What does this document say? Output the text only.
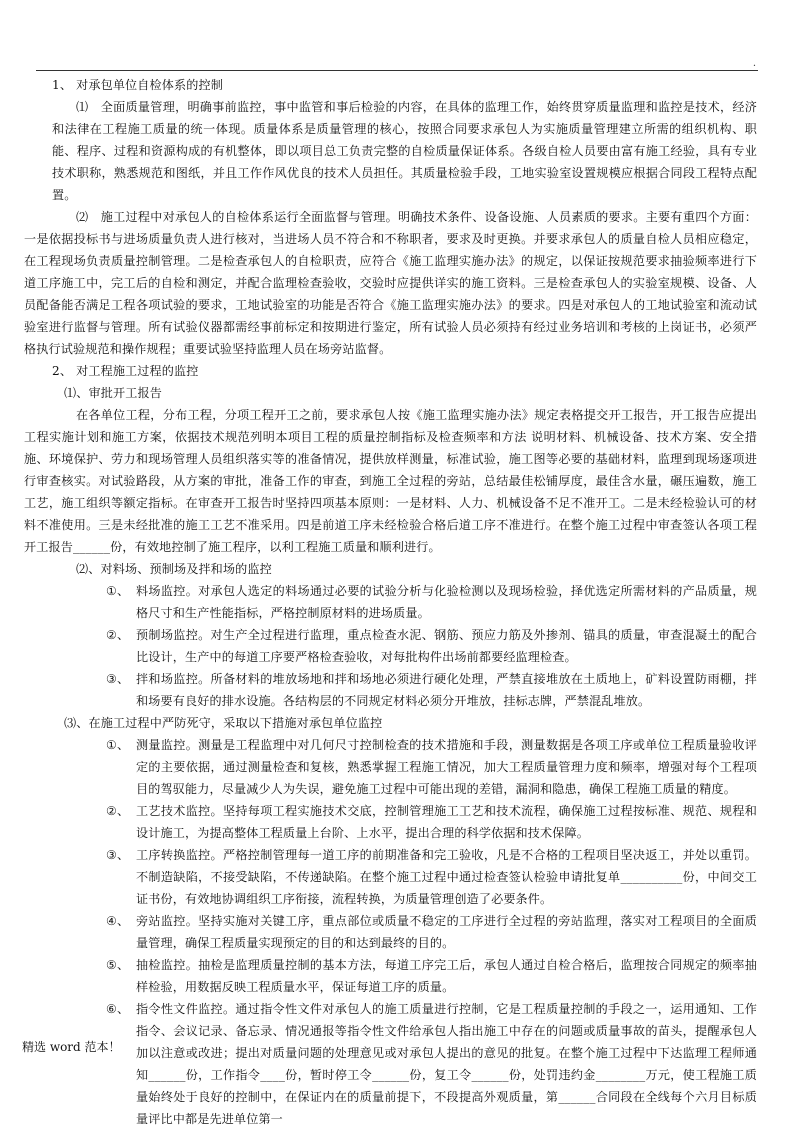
.

1、 对承包单位自检体系的控制

⑴　全面质量管理，明确事前监控，事中监管和事后检验的内容，在具体的监理工作，始终贯穿质量监理和监控是技术，经济和法律在工程施工质量的统一体现。质量体系是质量管理的核心，按照合同要求承包人为实施质量管理建立所需的组织机构、职能、程序、过程和资源构成的有机整体，即以项目总工负责完整的自检质量保证体系。各级自检人员要由富有施工经验，具有专业技术职称，熟悉规范和图纸，并且工作作风优良的技术人员担任。其质量检验手段，工地实验室设置规模应根据合同段工程特点配置。

⑵　施工过程中对承包人的自检体系运行全面监督与管理。明确技术条件、设备设施、人员素质的要求。主要有重四个方面：一是依据投标书与进场质量负责人进行核对，当进场人员不符合和不称职者，要求及时更换。并要求承包人的质量自检人员相应稳定，在工程现场负责质量控制管理。二是检查承包人的自检职责，应符合《施工监理实施办法》的规定，以保证按规范要求抽验频率进行下道工序施工中，完工后的自检和测定，并配合监理检查验收，交验时应提供详实的施工资料。三是检查承包人的实验室规模、设备、人员配备能否满足工程各项试验的要求，工地试验室的功能是否符合《施工监理实施办法》的要求。四是对承包人的工地试验室和流动试验室进行监督与管理。所有试验仪器都需经事前标定和按期进行鉴定，所有试验人员必须持有经过业务培训和考核的上岗证书，必须严格执行试验规范和操作规程；重要试验坚持监理人员在场旁站监督。

2、 对工程施工过程的监控

⑴、审批开工报告

在各单位工程，分布工程，分项工程开工之前，要求承包人按《施工监理实施办法》规定表格提交开工报告，开工报告应提出工程实施计划和施工方案，依据技术规范列明本项目工程的质量控制指标及检查频率和方法 说明材料、机械设备、技术方案、安全措施、环境保护、劳力和现场管理人员组织落实等的准备情况，提供放样测量，标准试验，施工图等必要的基础材料，监理到现场逐项进行审查核实。对试验路段，从方案的审批，准备工作的审查，到施工全过程的旁站，总结最佳松铺厚度，最佳含水量，碾压遍数，施工工艺，施工组织等额定指标。在审查开工报告时坚持四项基本原则：一是材料、人力、机械设备不足不准开工。二是未经检验认可的材料不准使用。三是未经批准的施工工艺不准采用。四是前道工序未经检验合格后道工序不准进行。在整个施工过程中审查签认各项工程开工报告______份，有效地控制了施工程序，以利工程施工质量和顺利进行。

⑵、对料场、预制场及拌和场的监控

①、 料场监控。对承包人选定的料场通过必要的试验分析与化验检测以及现场检验，择优选定所需材料的产品质量，规格尺寸和生产性能指标，严格控制原材料的进场质量。
②、 预制场监控。对生产全过程进行监理，重点检查水泥、钢筋、预应力筋及外掺剂、锚具的质量，审查混凝土的配合比设计，生产中的每道工序要严格检查验收，对每批构件出场前都要经监理检查。
③、 拌和场监控。所备材料的堆放场地和拌和场地必须进行硬化处理，严禁直接堆放在土质地上，矿料设置防雨棚，拌和场要有良好的排水设施。各结构层的不同规定材料必须分开堆放，挂标志牌，严禁混乱堆放。

⑶、在施工过程中严防死守，采取以下措施对承包单位监控

①、 测量监控。测量是工程监理中对几何尺寸控制检查的技术措施和手段，测量数据是各项工序或单位工程质量验收评定的主要依据，通过测量检查和复核，熟悉掌握工程施工情况，加大工程质量管理力度和频率，增强对每个工程项目的驾驭能力，尽量减少人为失误，避免施工过程中可能出现的差错，漏洞和隐患，确保工程施工质量的精度。
②、 工艺技术监控。坚持每项工程实施技术交底，控制管理施工工艺和技术流程，确保施工过程按标准、规范、规程和设计施工，为提高整体工程质量上台阶、上水平，提出合理的科学依据和技术保障。
③、 工序转换监控。严格控制管理每一道工序的前期准备和完工验收，凡是不合格的工程项目坚决返工，并处以重罚。不制造缺陷，不接受缺陷，不传递缺陷。在整个施工过程中通过检查签认检验申请批复单__________份，中间交工证书份，有效地协调组织工序衔接，流程转换，为质量管理创造了必要条件。
④、 旁站监控。坚持实施对关键工序，重点部位或质量不稳定的工序进行全过程的旁站监理，落实对工程项目的全面质量管理，确保工程质量实现预定的目的和达到最终的目的。
⑤、 抽检监控。抽检是监理质量控制的基本方法，每道工序完工后，承包人通过自检合格后，监理按合同规定的频率抽样检验，用数据反映工程质量水平，保证每道工序的质量。
⑥、 指令性文件监控。通过指令性文件对承包人的施工质量进行控制，它是工程质量控制的手段之一，运用通知、工作指令、会议记录、备忘录、情况通报等指令性文件给承包人指出施工中存在的问题或质量事故的苗头，提醒承包人加以注意或改进；提出对质量问题的处理意见或对承包人提出的意见的批复。在整个施工过程中下达监理工程师通知______份，工作指令____份，暂时停工令______份，复工令______份，处罚违约金________万元，使工程施工质量始终处于良好的控制中，在保证内在的质量前提下，不段提高外观质量，第______合同段在全线每个六月目标质量评比中都是先进单位第一
精选 word 范本！
